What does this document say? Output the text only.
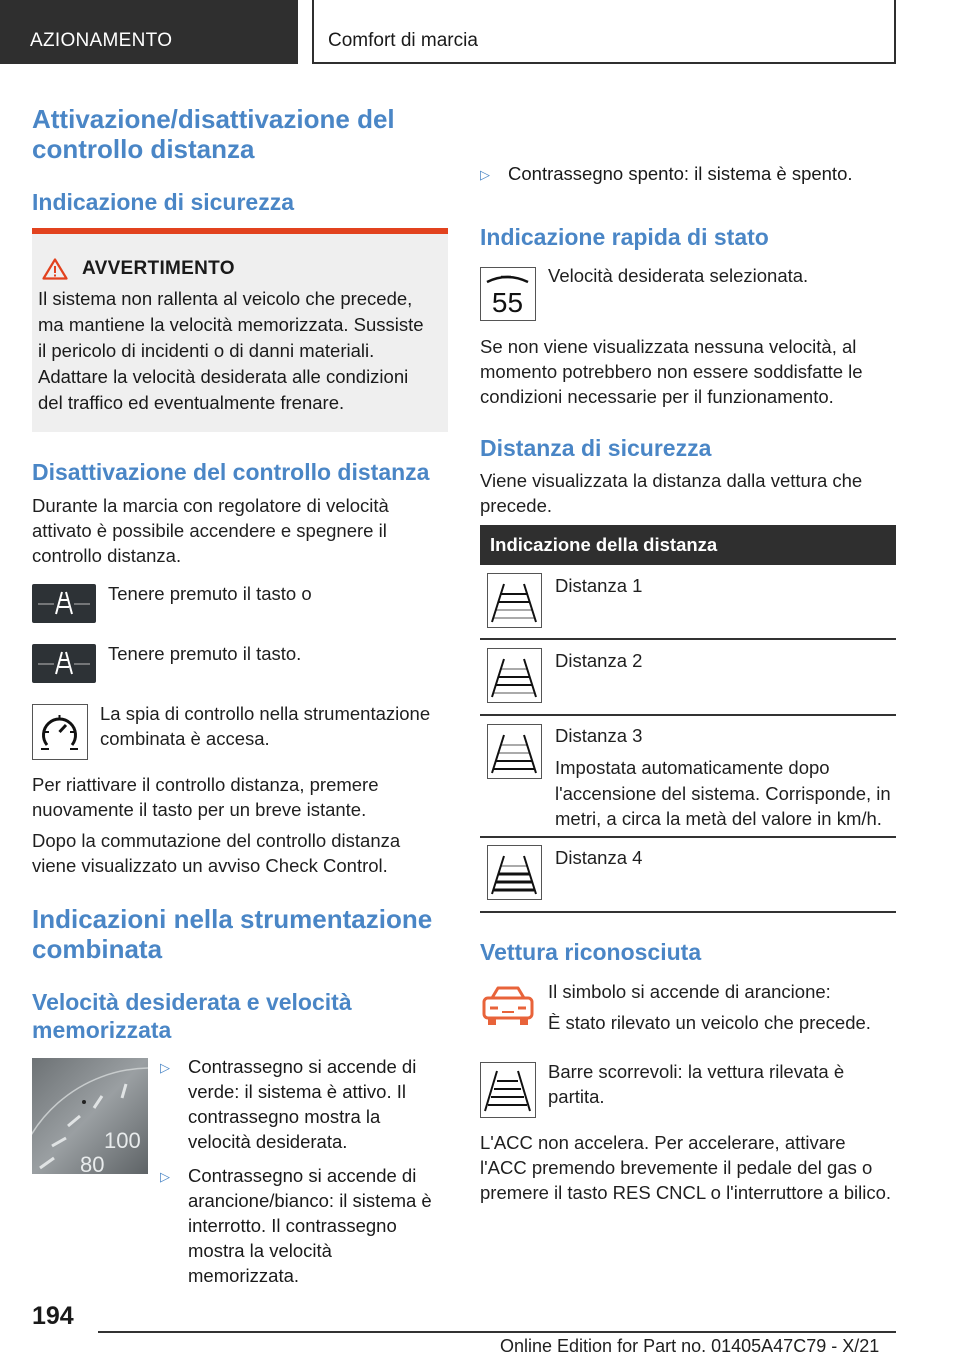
AZIONAMENTO	Comfort di marcia
Attivazione/disattivazione del controllo distanza
Indicazione di sicurezza
AVVERTIMENTO
Il sistema non rallenta al veicolo che precede, ma mantiene la velocità memorizzata. Sussiste il pericolo di incidenti o di danni materiali. Adattare la velocità desiderata alle condizioni del traffico ed eventualmente frenare.
Disattivazione del controllo distanza
Durante la marcia con regolatore di velocità attivato è possibile accendere e spegnere il controllo distanza.
Tenere premuto il tasto o
Tenere premuto il tasto.
La spia di controllo nella strumentazione combinata è accesa.
Per riattivare il controllo distanza, premere nuovamente il tasto per un breve istante.
Dopo la commutazione del controllo distanza viene visualizzato un avviso Check Control.
Indicazioni nella strumentazione combinata
Velocità desiderata e velocità memorizzata
100
80
▷ Contrassegno si accende di verde: il sistema è attivo. Il contrassegno mostra la velocità desiderata.
▷ Contrassegno si accende di arancione/bianco: il sistema è interrotto. Il contrassegno mostra la velocità memorizzata.
▷ Contrassegno spento: il sistema è spento.
Indicazione rapida di stato
55
Velocità desiderata selezionata.
Se non viene visualizzata nessuna velocità, al momento potrebbero non essere soddisfatte le condizioni necessarie per il funzionamento.
Distanza di sicurezza
Viene visualizzata la distanza dalla vettura che precede.
Indicazione della distanza
Distanza 1
Distanza 2
Distanza 3
Impostata automaticamente dopo l'accensione del sistema. Corrisponde, in metri, a circa la metà del valore in km/h.
Distanza 4
Vettura riconosciuta
Il simbolo si accende di arancione:
È stato rilevato un veicolo che precede.
Barre scorrevoli: la vettura rilevata è partita.
L'ACC non accelera. Per accelerare, attivare l'ACC premendo brevemente il pedale del gas o premere il tasto RES CNCL o l'interruttore a bilico.
194
Online Edition for Part no. 01405A47C79 - X/21
